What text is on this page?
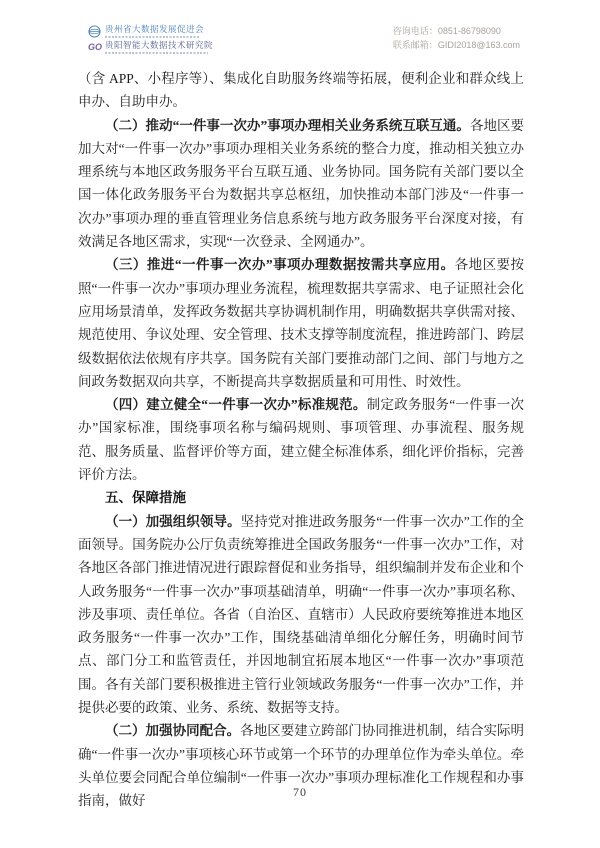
贵州省大数据发展促进会
GO 贵阳智能大数据技术研究院
咨询电话：0851-86798090
联系邮箱：GIDI2018@163.com

（含 APP、小程序等）、集成化自助服务终端等拓展，便利企业和群众线上申办、自助申办。

（二）推动“一件事一次办”事项办理相关业务系统互联互通。各地区要加大对“一件事一次办”事项办理相关业务系统的整合力度，推动相关独立办理系统与本地区政务服务平台互联互通、业务协同。国务院有关部门要以全国一体化政务服务平台为数据共享总枢纽，加快推动本部门涉及“一件事一次办”事项办理的垂直管理业务信息系统与地方政务服务平台深度对接，有效满足各地区需求，实现“一次登录、全网通办”。

（三）推进“一件事一次办”事项办理数据按需共享应用。各地区要按照“一件事一次办”事项办理业务流程，梳理数据共享需求、电子证照社会化应用场景清单，发挥政务数据共享协调机制作用，明确数据共享供需对接、规范使用、争议处理、安全管理、技术支撑等制度流程，推进跨部门、跨层级数据依法依规有序共享。国务院有关部门要推动部门之间、部门与地方之间政务数据双向共享，不断提高共享数据质量和可用性、时效性。

（四）建立健全“一件事一次办”标准规范。制定政务服务“一件事一次办”国家标准，围绕事项名称与编码规则、事项管理、办事流程、服务规范、服务质量、监督评价等方面，建立健全标准体系，细化评价指标，完善评价方法。

五、保障措施

（一）加强组织领导。坚持党对推进政务服务“一件事一次办”工作的全面领导。国务院办公厅负责统筹推进全国政务服务“一件事一次办”工作，对各地区各部门推进情况进行跟踪督促和业务指导，组织编制并发布企业和个人政务服务“一件事一次办”事项基础清单，明确“一件事一次办”事项名称、涉及事项、责任单位。各省（自治区、直辖市）人民政府要统筹推进本地区政务服务“一件事一次办”工作，围绕基础清单细化分解任务，明确时间节点、部门分工和监管责任，并因地制宜拓展本地区“一件事一次办”事项范围。各有关部门要积极推进主管行业领域政务服务“一件事一次办”工作，并提供必要的政策、业务、系统、数据等支持。

（二）加强协同配合。各地区要建立跨部门协同推进机制，结合实际明确“一件事一次办”事项核心环节或第一个环节的办理单位作为牵头单位。牵头单位要会同配合单位编制“一件事一次办”事项办理标准化工作规程和办事指南，做好

70
